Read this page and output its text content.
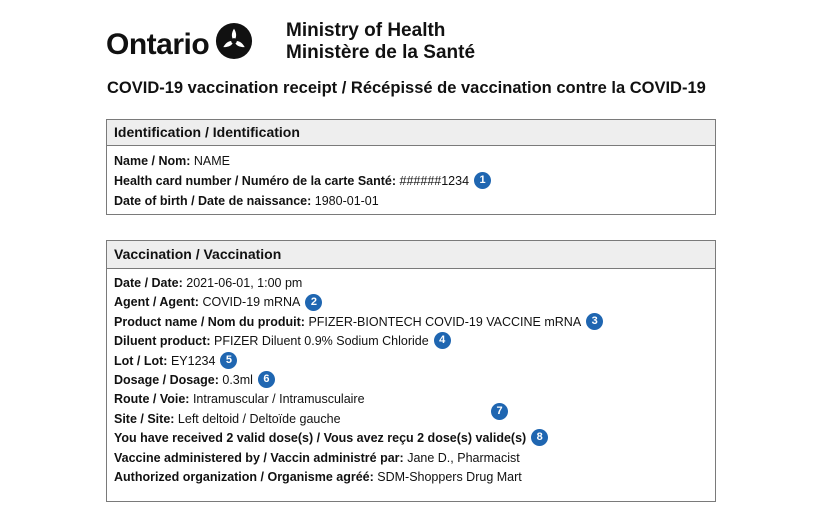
Ontario	Ministry of Health
Ministère de la Santé
COVID-19 vaccination receipt / Récépissé de vaccination contre la COVID-19
Identification / Identification
Name / Nom: NAME
Health card number / Numéro de la carte Santé: ######1234 1
Date of birth / Date de naissance: 1980-01-01
Vaccination / Vaccination
Date / Date: 2021-06-01, 1:00 pm
Agent / Agent: COVID-19 mRNA 2
Product name / Nom du produit: PFIZER-BIONTECH COVID-19 VACCINE mRNA 3
Diluent product: PFIZER Diluent 0.9% Sodium Chloride 4
Lot / Lot: EY1234 5
Dosage / Dosage: 0.3ml 6
Route / Voie: Intramuscular / Intramusculaire
Site / Site: Left deltoid / Deltoïde gauche
You have received 2 valid dose(s) / Vous avez reçu 2 dose(s) valide(s) 8
Vaccine administered by / Vaccin administré par: Jane D., Pharmacist
Authorized organization / Organisme agréé: SDM-Shoppers Drug Mart
7
